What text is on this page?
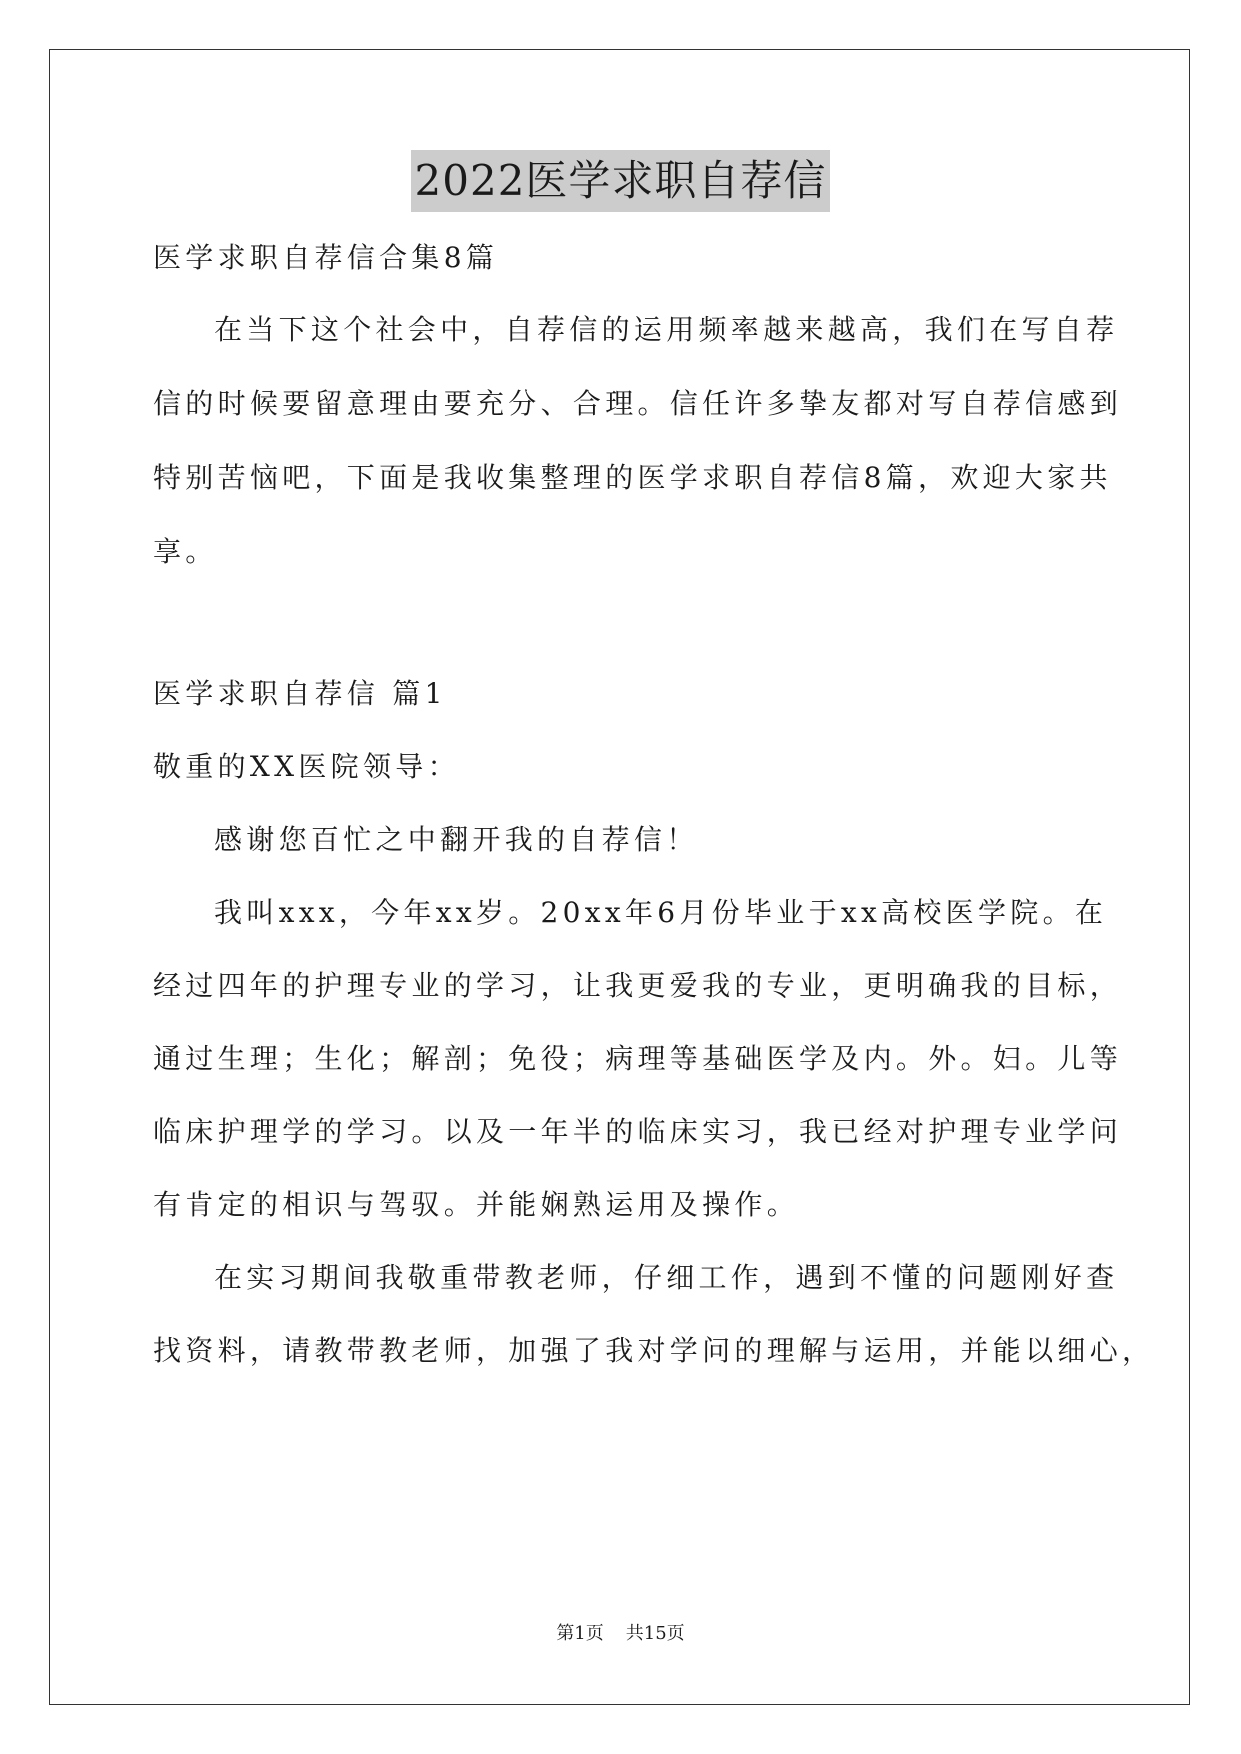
2022医学求职自荐信
医学求职自荐信合集8篇
在当下这个社会中，自荐信的运用频率越来越高，我们在写自荐
信的时候要留意理由要充分、合理。信任许多挚友都对写自荐信感到
特别苦恼吧，下面是我收集整理的医学求职自荐信8篇，欢迎大家共
享。
医学求职自荐信 篇1
敬重的XX医院领导：
感谢您百忙之中翻开我的自荐信！
我叫xxx，今年xx岁。20xx年6月份毕业于xx高校医学院。在
经过四年的护理专业的学习，让我更爱我的专业，更明确我的目标，
通过生理；生化；解剖；免役；病理等基础医学及内。外。妇。儿等
临床护理学的学习。以及一年半的临床实习，我已经对护理专业学问
有肯定的相识与驾驭。并能娴熟运用及操作。
在实习期间我敬重带教老师，仔细工作，遇到不懂的问题刚好查
找资料，请教带教老师，加强了我对学问的理解与运用，并能以细心，
第1页 共15页
